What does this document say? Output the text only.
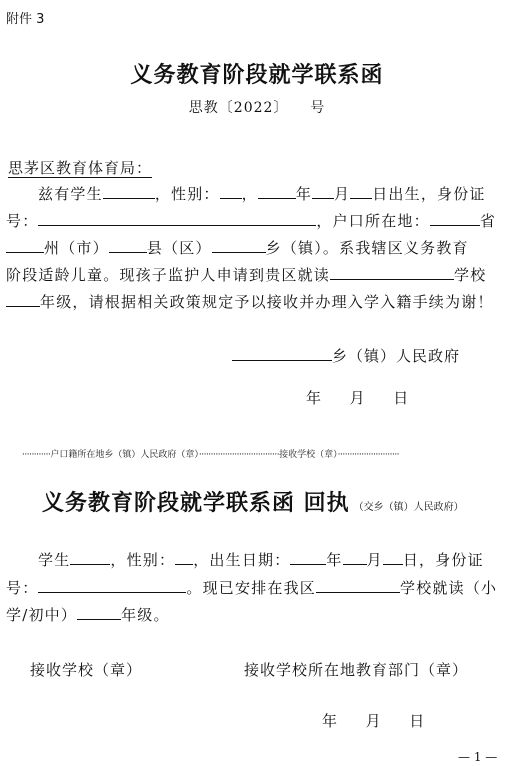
附件 3
义务教育阶段就学联系函
思教〔2022〕    号
思茅区教育体育局：
兹有学生	，性别： ，	年 月 日出生，身份证
号：	，户口所在地：	省
州（市）	县（区）	乡（镇）。系我辖区义务教育
阶段适龄儿童。现孩子监护人申请到贵区就读	学校
年级，请根据相关政策规定予以接收并办理入学入籍手续为谢！
乡（镇）人民政府
年      月      日
············户口籍所在地乡（镇）人民政府（章）··································接收学校（章）··························
义务教育阶段就学联系函 回执 （交乡（镇）人民政府）
学生	，性别： ，出生日期： 年 月 日，身份证
号：	。现已安排在我区	学校就读（小
学/初中）	年级。
接收学校（章）	接收学校所在地教育部门（章）
年      月      日
— 1 —
